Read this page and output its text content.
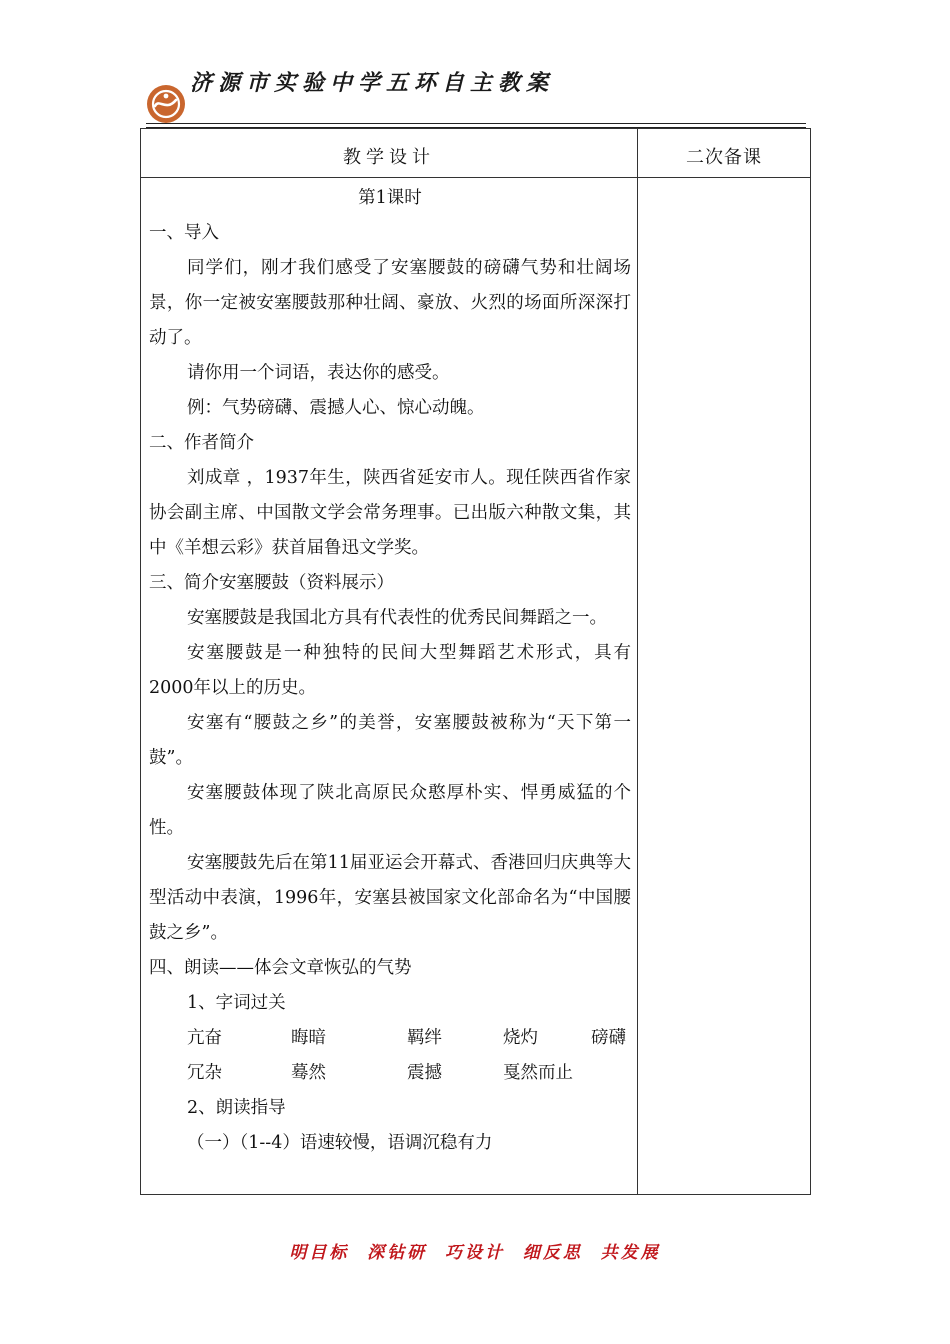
济源市实验中学五环自主教案
教学设计	二次备课

第1课时

一、导入

同学们，刚才我们感受了安塞腰鼓的磅礴气势和壮阔场景，你一定被安塞腰鼓那种壮阔、豪放、火烈的场面所深深打动了。

请你用一个词语，表达你的感受。

例：气势磅礴、震撼人心、惊心动魄。

二、作者简介

刘成章 ，1937年生，陕西省延安市人。现任陕西省作家协会副主席、中国散文学会常务理事。已出版六种散文集，其中《羊想云彩》获首届鲁迅文学奖。

三、简介安塞腰鼓（资料展示）

安塞腰鼓是我国北方具有代表性的优秀民间舞蹈之一。

安塞腰鼓是一种独特的民间大型舞蹈艺术形式，具有2000年以上的历史。

安塞有“腰鼓之乡”的美誉，安塞腰鼓被称为“天下第一鼓”。

安塞腰鼓体现了陕北高原民众憨厚朴实、悍勇威猛的个性。

安塞腰鼓先后在第11届亚运会开幕式、香港回归庆典等大型活动中表演，1996年，安塞县被国家文化部命名为“中国腰鼓之乡”。

四、朗读——体会文章恢弘的气势

1、字词过关

亢奋	晦暗	羁绊	烧灼	磅礴
冗杂	蓦然	震撼	戛然而止

2、朗读指导

（一）（1--4）语速较慢，语调沉稳有力

明目标  深钻研  巧设计  细反思  共发展
